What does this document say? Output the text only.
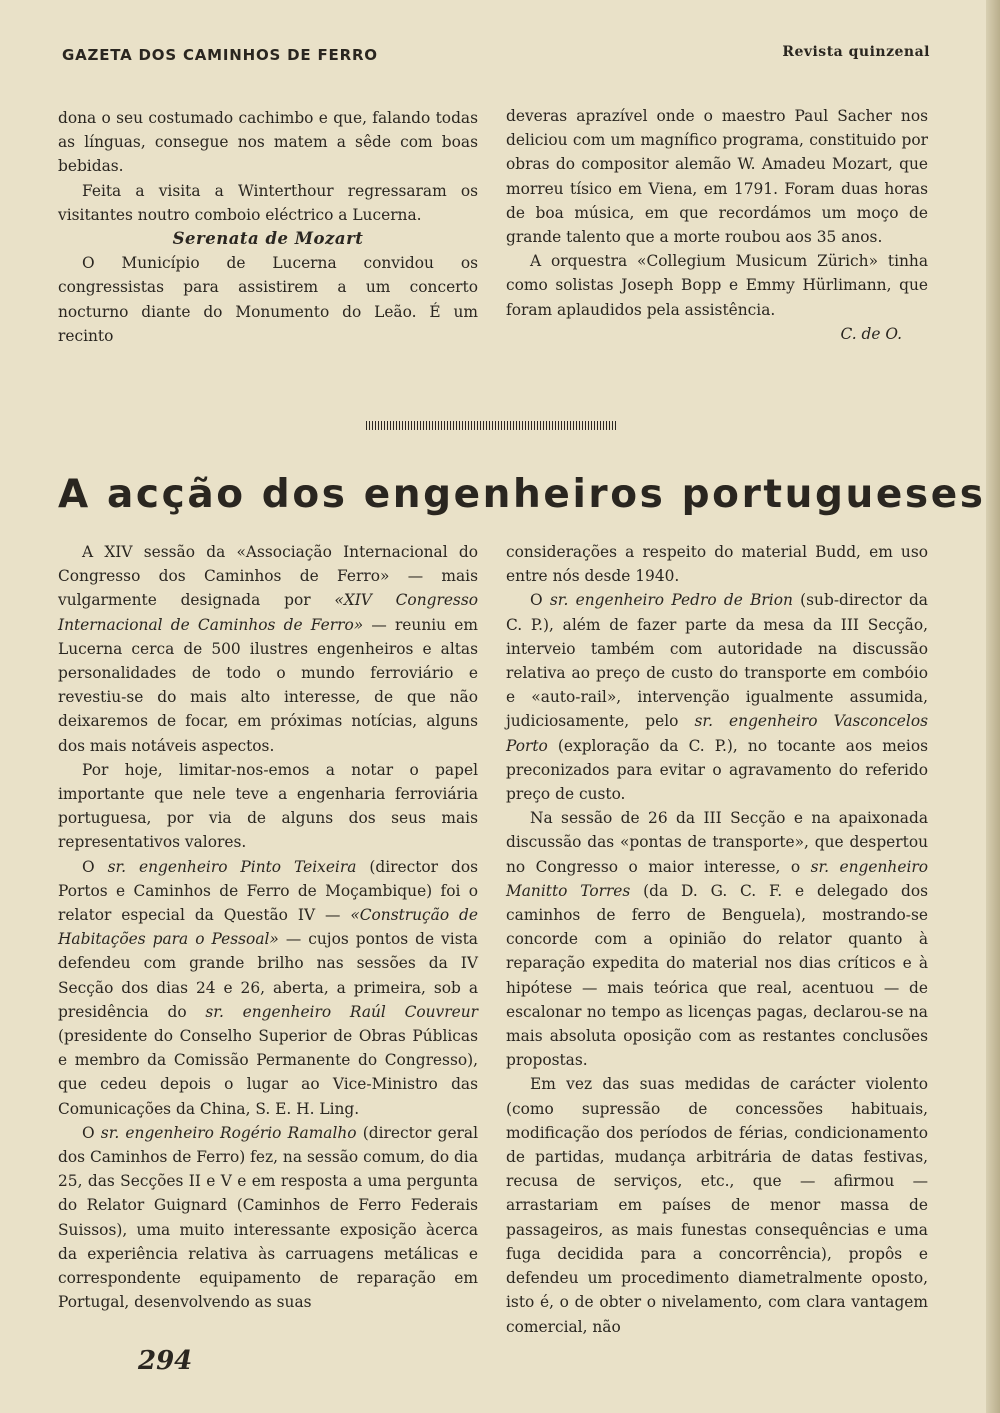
GAZETA DOS CAMINHOS DE FERRO	Revista quinzenal

dona o seu costumado cachimbo e que, falando todas as línguas, consegue nos matem a sêde com boas bebidas.

Feita a visita a Winterthour regressaram os visitantes noutro comboio eléctrico a Lucerna.

Serenata de Mozart

O Município de Lucerna convidou os congressistas para assistirem a um concerto nocturno diante do Monumento do Leão. É um recinto

deveras aprazível onde o maestro Paul Sacher nos deliciou com um magnífico programa, constituido por obras do compositor alemão W. Amadeu Mozart, que morreu tísico em Viena, em 1791. Foram duas horas de boa música, em que recordámos um moço de grande talento que a morte roubou aos 35 anos.

A orquestra «Collegium Musicum Zürich» tinha como solistas Joseph Bopp e Emmy Hürlimann, que foram aplaudidos pela assistência.

C. de O.

A acção dos engenheiros portugueses

A XIV sessão da «Associação Internacional do Congresso dos Caminhos de Ferro» — mais vulgarmente designada por «XIV Congresso Internacional de Caminhos de Ferro» — reuniu em Lucerna cerca de 500 ilustres engenheiros e altas personalidades de todo o mundo ferroviário e revestiu-se do mais alto interesse, de que não deixaremos de focar, em próximas notícias, alguns dos mais notáveis aspectos.

Por hoje, limitar-nos-emos a notar o papel importante que nele teve a engenharia ferroviária portuguesa, por via de alguns dos seus mais representativos valores.

O sr. engenheiro Pinto Teixeira (director dos Portos e Caminhos de Ferro de Moçambique) foi o relator especial da Questão IV — «Construção de Habitações para o Pessoal» — cujos pontos de vista defendeu com grande brilho nas sessões da IV Secção dos dias 24 e 26, aberta, a primeira, sob a presidência do sr. engenheiro Raúl Couvreur (presidente do Conselho Superior de Obras Públicas e membro da Comissão Permanente do Congresso), que cedeu depois o lugar ao Vice-Ministro das Comunicações da China, S. E. H. Ling.

O sr. engenheiro Rogério Ramalho (director geral dos Caminhos de Ferro) fez, na sessão comum, do dia 25, das Secções II e V e em resposta a uma pergunta do Relator Guignard (Caminhos de Ferro Federais Suissos), uma muito interessante exposição àcerca da experiência relativa às carruagens metálicas e correspondente equipamento de reparação em Portugal, desenvolvendo as suas

considerações a respeito do material Budd, em uso entre nós desde 1940.

O sr. engenheiro Pedro de Brion (sub-director da C. P.), além de fazer parte da mesa da III Secção, interveio também com autoridade na discussão relativa ao preço de custo do transporte em combóio e «auto-rail», intervenção igualmente assumida, judiciosamente, pelo sr. engenheiro Vasconcelos Porto (exploração da C. P.), no tocante aos meios preconizados para evitar o agravamento do referido preço de custo.

Na sessão de 26 da III Secção e na apaixonada discussão das «pontas de transporte», que despertou no Congresso o maior interesse, o sr. engenheiro Manitto Torres (da D. G. C. F. e delegado dos caminhos de ferro de Benguela), mostrando-se concorde com a opinião do relator quanto à reparação expedita do material nos dias críticos e à hipótese — mais teórica que real, acentuou — de escalonar no tempo as licenças pagas, declarou-se na mais absoluta oposição com as restantes conclusões propostas.

Em vez das suas medidas de carácter violento (como supressão de concessões habituais, modificação dos períodos de férias, condicionamento de partidas, mudança arbitrária de datas festivas, recusa de serviços, etc., que — afirmou — arrastariam em países de menor massa de passageiros, as mais funestas consequências e uma fuga decidida para a concorrência), propôs e defendeu um procedimento diametralmente oposto, isto é, o de obter o nivelamento, com clara vantagem comercial, não

294
